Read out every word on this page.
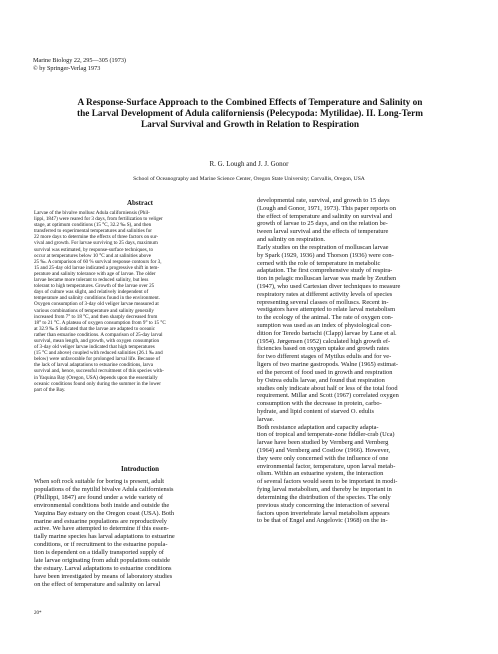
Marine Biology 22, 295—305 (1973)
© by Springer-Verlag 1973
A Response-Surface Approach to the Combined Effects of Temperature and Salinity on
the Larval Development of Adula californiensis (Pelecypoda: Mytilidae). II. Long-Term
Larval Survival and Growth in Relation to Respiration
R. G. Lough and J. J. Gonor
School of Oceanography and Marine Science Center, Oregon State University; Corvallis, Oregon, USA
Abstract
Larvae of the bivalve mollusc Adula californiensis (Phil-
lippi, 1847) were reared for 3 days, from fertilization to veliger
stage, at optimum conditions (15 °C, 32.2 ‰ S), and then
transferred to experimental temperatures and salinities for
22 more days to determine the effects of three factors on sur-
vival and growth. For larvae surviving to 25 days, maximum
survival was estimated, by response-surface techniques, to
occur at temperatures below 10 °C and at salinities above
25 ‰. A comparison of 60 % survival response contours for 3,
15 and 25-day old larvae indicated a progressive shift in tem-
perature and salinity tolerance with age of larvae. The older
larvae became more tolerant to reduced salinity, but less
tolerant to high temperatures. Growth of the larvae over 25
days of culture was slight, and relatively independent of
temperature and salinity conditions found in the environment.
Oxygen consumption of 3-day old veliger larvae measured at
various combinations of temperature and salinity generally
increased from 7° to 18 °C, and then sharply decreased from
18° to 21 °C. A plateau of oxygen consumption from 9° to 15 °C
at 32.9 ‰ S indicated that the larvae are adapted to oceanic
rather than estuarine conditions. A comparison of 25-day larval
survival, mean length, and growth, with oxygen consumption
of 3-day old veliger larvae indicated that high temperatures
(15 °C and above) coupled with reduced salinities (26.1 ‰ and
below) were unfavorable for prolonged larval life. Because of
the lack of larval adaptations to estuarine conditions, larva
survival and, hence, successful recruitment of this species with-
in Yaquina Bay (Oregon, USA) depends upon the essentially
oceanic conditions found only during the summer in the lower
part of the Bay.
Introduction
When soft rock suitable for boring is present, adult
populations of the mytilid bivalve Adula californiensis
(Phillippi, 1847) are found under a wide variety of
environmental conditions both inside and outside the
Yaquina Bay estuary on the Oregon coast (USA). Both
marine and estuarine populations are reproductively
active. We have attempted to determine if this essen-
tially marine species has larval adaptations to estuarine
conditions, or if recruitment to the estuarine popula-
tion is dependent on a tidally transported supply of
late larvae originating from adult populations outside
the estuary. Larval adaptations to estuarine conditions
have been investigated by means of laboratory studies
on the effect of temperature and salinity on larval
developmental rate, survival, and growth to 15 days
(Lough and Gonor, 1971, 1973). This paper reports on
the effect of temperature and salinity on survival and
growth of larvae to 25 days, and on the relation be-
tween larval survival and the effects of temperature
and salinity on respiration.
Early studies on the respiration of molluscan larvae
by Spark (1929, 1936) and Thorson (1936) were con-
cerned with the role of temperature in metabolic
adaptation. The first comprehensive study of respira-
tion in pelagic molluscan larvae was made by Zeuthen
(1947), who used Cartesian diver techniques to measure
respiratory rates at different activity levels of species
representing several classes of molluscs. Recent in-
vestigators have attempted to relate larval metabolism
to the ecology of the animal. The rate of oxygen con-
sumption was used as an index of physiological con-
dition for Teredo bartschi (Clapp) larvae by Lane et al.
(1954). Jørgensen (1952) calculated high growth ef-
ficiencies based on oxygen uptake and growth rates
for two different stages of Mytilus edulis and for ve-
ligers of two marine gastropods. Walne (1965) estimat-
ed the percent of food used in growth and respiration
by Ostrea edulis larvae, and found that respiration
studies only indicate about half or less of the total food
requirement. Millar and Scott (1967) correlated oxygen
consumption with the decrease in protein, carbo-
hydrate, and lipid content of starved O. edulis
larvae.
Both resistance adaptation and capacity adapta-
tion of tropical and temperate-zone fiddler-crab (Uca)
larvae have been studied by Vernberg and Vernberg
(1964) and Vernberg and Costlow (1966). However,
they were only concerned with the influence of one
environmental factor, temperature, upon larval metab-
olism. Within an estuarine system, the interaction
of several factors would seem to be important in modi-
fying larval metabolism, and thereby be important in
determining the distribution of the species. The only
previous study concerning the interaction of several
factors upon invertebrate larval metabolism appears
to be that of Engel and Angelovic (1968) on the in-
20*
